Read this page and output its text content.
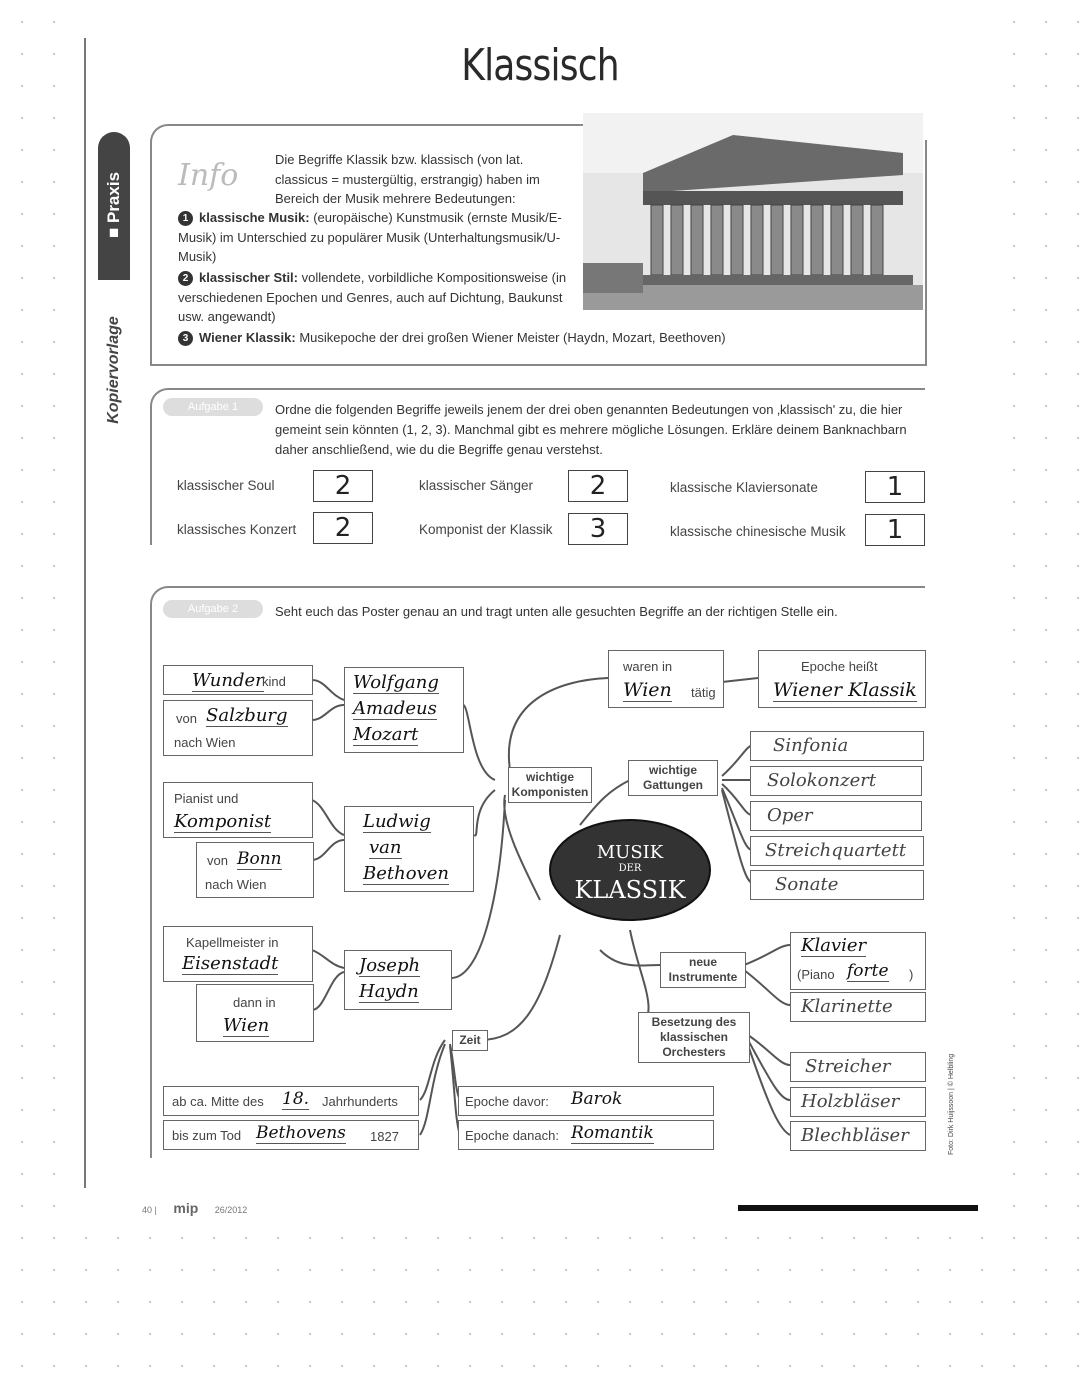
■ Praxis
Kopiervorlage
Klassisch
Info	Die Begriffe Klassik bzw. klassisch (von lat. classicus = mustergültig, erstrangig) haben im Bereich der Musik mehrere Bedeutungen:
1 klassische Musik: (europäische) Kunstmusik (ernste Musik/E-Musik) im Unterschied zu populärer Musik (Unterhaltungsmusik/U-Musik)
2 klassischer Stil: vollendete, vorbildliche Kompositionsweise (in verschiedenen Epochen und Genres, auch auf Dichtung, Baukunst usw. angewandt)
3 Wiener Klassik: Musikepoche der drei großen Wiener Meister (Haydn, Mozart, Beethoven)
Aufgabe 1	Ordne die folgenden Begriffe jeweils jenem der drei oben genannten Bedeutungen von ‚klassisch' zu, die hier gemeint sein könnten (1, 2, 3). Manchmal gibt es mehrere mögliche Lösungen. Erkläre deinem Banknachbarn daher anschließend, wie du die Begriffe genau verstehst.
klassischer Soul	2	klassischer Sänger	2	klassische Klaviersonate	1
klassisches Konzert	2	Komponist der Klassik	3	klassische chinesische Musik	1
Aufgabe 2	Seht euch das Poster genau an und tragt unten alle gesuchten Begriffe an der richtigen Stelle ein.
MUSIK
DER
KLASSIK
wichtige Komponisten
wichtige Gattungen
neue Instrumente
Besetzung des klassischen Orchesters
Zeit
Wunder
kind
von Salzburg
nach Wien
Wolfgang
Amadeus
Mozart
Pianist und
Komponist
von Bonn
nach Wien
Ludwig
van
Bethoven
Kapellmeister in
Eisenstadt
dann in
Wien
Joseph
Haydn
waren in
Wien tätig
Epoche heißt
Wiener Klassik
Sinfonia
Solokonzert
Oper
Streichquartett
Sonate
Klavier
(Piano forte )
Klarinette
Streicher
Holzbläser
Blechbläser
ab ca. Mitte des 18. Jahrhunderts
bis zum Tod Bethovens 1827
Epoche davor: Barok
Epoche danach: Romantik	Foto: Dirk Huijssoon | © Helbling
40 | mip 26/2012
